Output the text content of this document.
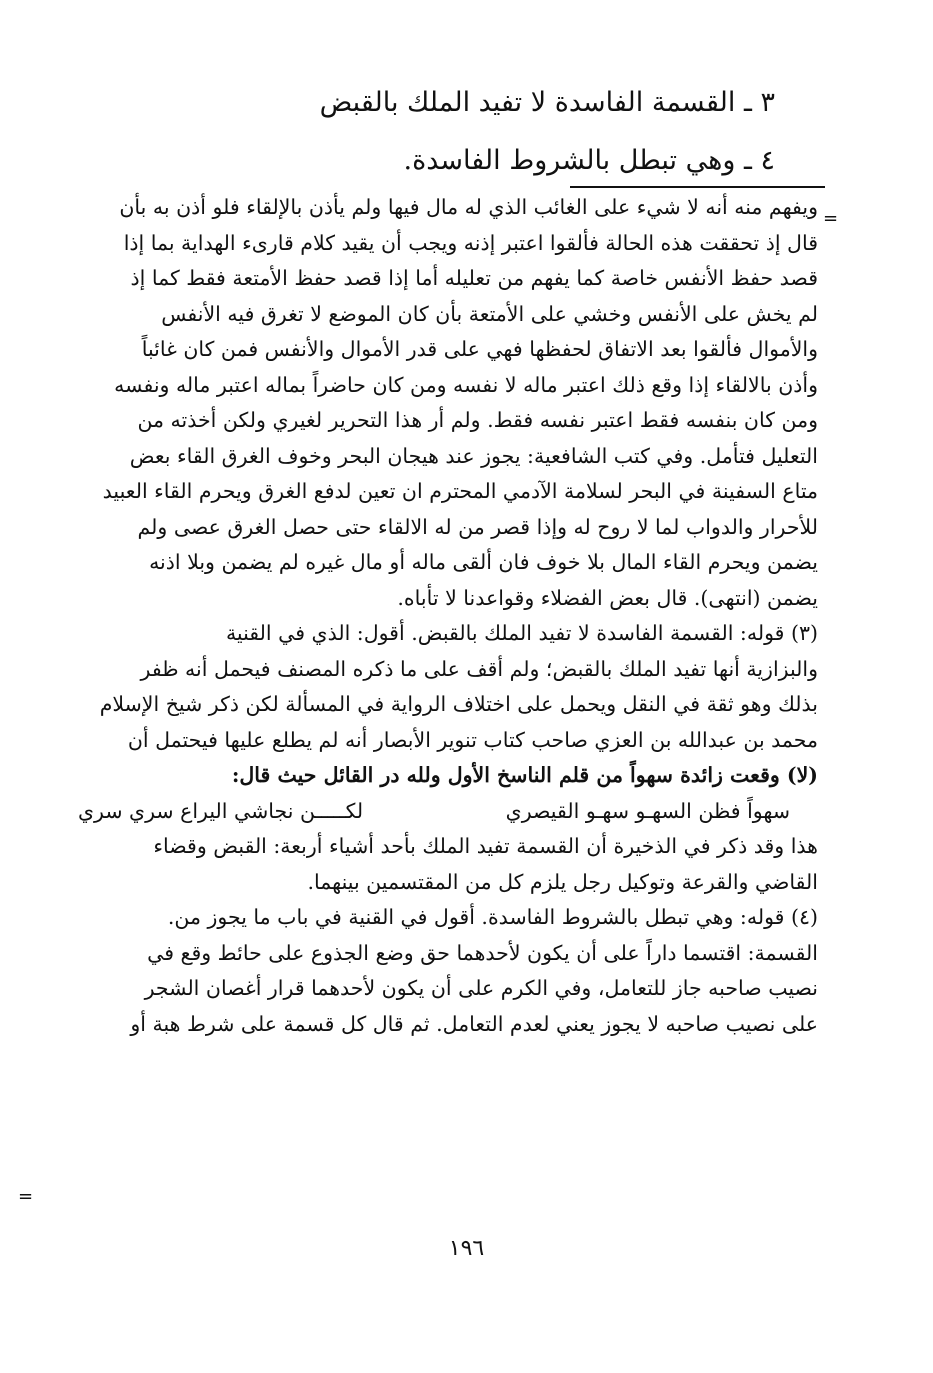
٣ ـ القسمة الفاسدة لا تفيد الملك بالقبض
٤ ـ وهي تبطل بالشروط الفاسدة.
=
=
ويفهم منه أنه لا شيء على الغائب الذي له مال فيها ولم يأذن بالإلقاء فلو أذن به بأن
قال إذ تحققت هذه الحالة فألقوا اعتبر إذنه ويجب أن يقيد كلام قارىء الهداية بما إذا
قصد حفظ الأنفس خاصة كما يفهم من تعليله أما إذا قصد حفظ الأمتعة فقط كما إذ
لم يخش على الأنفس وخشي على الأمتعة بأن كان الموضع لا تغرق فيه الأنفس
والأموال فألقوا بعد الاتفاق لحفظها فهي على قدر الأموال والأنفس فمن كان غائباً
وأذن بالالقاء إذا وقع ذلك اعتبر ماله لا نفسه ومن كان حاضراً بماله اعتبر ماله ونفسه
ومن كان بنفسه فقط اعتبر نفسه فقط. ولم أر هذا التحرير لغيري ولكن أخذته من
التعليل فتأمل. وفي كتب الشافعية: يجوز عند هيجان البحر وخوف الغرق القاء بعض
متاع السفينة في البحر لسلامة الآدمي المحترم ان تعين لدفع الغرق ويحرم القاء العبيد
للأحرار والدواب لما لا روح له وإذا قصر من له الالقاء حتى حصل الغرق عصى ولم
يضمن ويحرم القاء المال بلا خوف فان ألقى ماله أو مال غيره لم يضمن وبلا اذنه
يضمن (انتهى). قال بعض الفضلاء وقواعدنا لا تأباه.
(٣) قوله: القسمة الفاسدة لا تفيد الملك بالقبض. أقول: الذي في القنية
والبزازية أنها تفيد الملك بالقبض؛ ولم أقف على ما ذكره المصنف فيحمل أنه ظفر
بذلك وهو ثقة في النقل ويحمل على اختلاف الرواية في المسألة لكن ذكر شيخ الإسلام
محمد بن عبدالله بن العزي صاحب كتاب تنوير الأبصار أنه لم يطلع عليها فيحتمل أن
(لا) وقعت زائدة سهواً من قلم الناسخ الأول ولله در القائل حيث قال:
لكـــــن نجاشي اليراع سري سري	سهواً فظن السهـو سهـو القيصري
هذا وقد ذكر في الذخيرة أن القسمة تفيد الملك بأحد أشياء أربعة: القبض وقضاء
القاضي والقرعة وتوكيل رجل يلزم كل من المقتسمين بينهما.
(٤) قوله: وهي تبطل بالشروط الفاسدة. أقول في القنية في باب ما يجوز من.
القسمة: اقتسما داراً على أن يكون لأحدهما حق وضع الجذوع على حائط وقع في
نصيب صاحبه جاز للتعامل، وفي الكرم على أن يكون لأحدهما قرار أغصان الشجر
على نصيب صاحبه لا يجوز يعني لعدم التعامل. ثم قال كل قسمة على شرط هبة أو
١٩٦
